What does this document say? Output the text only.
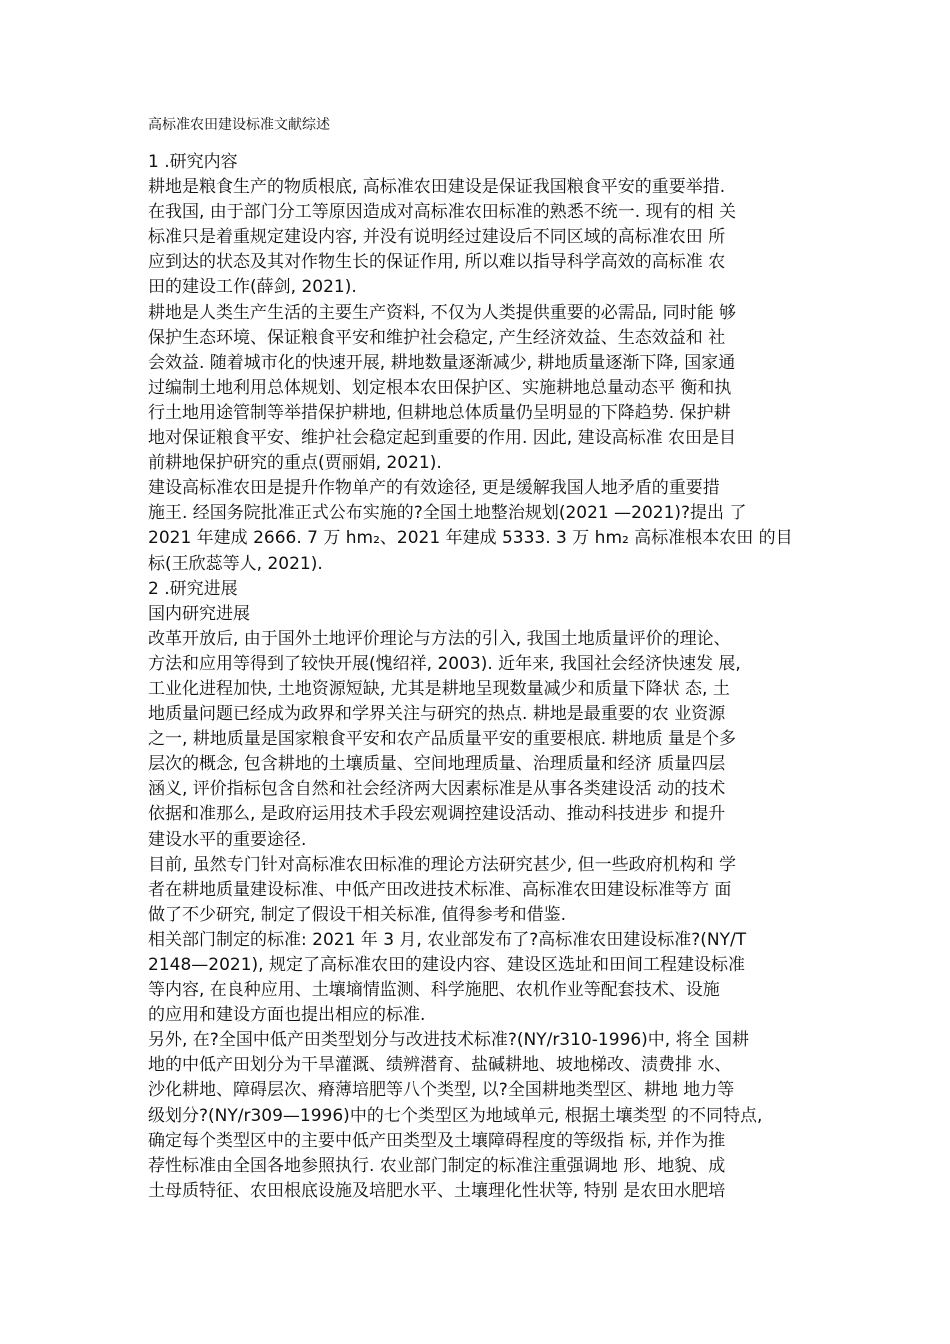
高标准农田建设标准文献综述
1 .研究内容
耕地是粮食生产的物质根底, 高标准农田建设是保证我国粮食平安的重要举措.
在我国, 由于部门分工等原因造成对高标准农田标准的熟悉不统一. 现有的相 关
标准只是着重规定建设内容, 并没有说明经过建设后不同区域的高标准农田 所
应到达的状态及其对作物生长的保证作用, 所以难以指导科学高效的高标准 农
田的建设工作(薛剑, 2021).
耕地是人类生产生活的主要生产资料, 不仅为人类提供重要的必需品, 同时能 够
保护生态环境、保证粮食平安和维护社会稳定, 产生经济效益、生态效益和 社
会效益. 随着城市化的快速开展, 耕地数量逐渐减少, 耕地质量逐渐下降, 国家通
过编制土地利用总体规划、划定根本农田保护区、实施耕地总量动态平 衡和执
行土地用途管制等举措保护耕地, 但耕地总体质量仍呈明显的下降趋势. 保护耕
地对保证粮食平安、维护社会稳定起到重要的作用. 因此, 建设高标准 农田是目
前耕地保护研究的重点(贾丽娟, 2021).
建设高标准农田是提升作物单产的有效途径, 更是缓解我国人地矛盾的重要措
施王. 经国务院批准正式公布实施的?全国土地整治规划(2021 —2021)?提出 了
2021 年建成 2666. 7 万 hm₂、2021 年建成 5333. 3 万 hm₂ 高标准根本农田 的目
标(王欣蕊等人, 2021).
2 .研究进展
国内研究进展
改革开放后, 由于国外土地评价理论与方法的引入, 我国土地质量评价的理论、
方法和应用等得到了较快开展(愧绍祥, 2003). 近年来, 我国社会经济快速发 展,
工业化进程加快, 土地资源短缺, 尤其是耕地呈现数量减少和质量下降状 态, 土
地质量问题已经成为政界和学界关注与研究的热点. 耕地是最重要的农 业资源
之一, 耕地质量是国家粮食平安和农产品质量平安的重要根底. 耕地质 量是个多
层次的概念, 包含耕地的土壤质量、空间地理质量、治理质量和经济 质量四层
涵义, 评价指标包含自然和社会经济两大因素标准是从事各类建设活 动的技术
依据和准那么, 是政府运用技术手段宏观调控建设活动、推动科技进步 和提升
建设水平的重要途径.
目前, 虽然专门针对高标准农田标准的理论方法研究甚少, 但一些政府机构和 学
者在耕地质量建设标准、中低产田改进技术标准、高标准农田建设标准等方 面
做了不少研究, 制定了假设干相关标准, 值得参考和借鉴.
相关部门制定的标准: 2021 年 3 月, 农业部发布了?高标准农田建设标准?(NY/T
2148—2021), 规定了高标准农田的建设内容、建设区选址和田间工程建设标准
等内容, 在良种应用、土壤墒情监测、科学施肥、农机作业等配套技术、设施
的应用和建设方面也提出相应的标准.
另外, 在?全国中低产田类型划分与改进技术标准?(NY/r310-1996)中, 将全 国耕
地的中低产田划分为干旱灌溉、绩辨潜育、盐碱耕地、坡地梯改、渍费排 水、
沙化耕地、障碍层次、瘠薄培肥等八个类型, 以?全国耕地类型区、耕地 地力等
级划分?(NY/r309—1996)中的七个类型区为地域单元, 根据土壤类型 的不同特点,
确定每个类型区中的主要中低产田类型及土壤障碍程度的等级指 标, 并作为推
荐性标准由全国各地参照执行. 农业部门制定的标准注重强调地 形、地貌、成
土母质特征、农田根底设施及培肥水平、土壤理化性状等, 特别 是农田水肥培
